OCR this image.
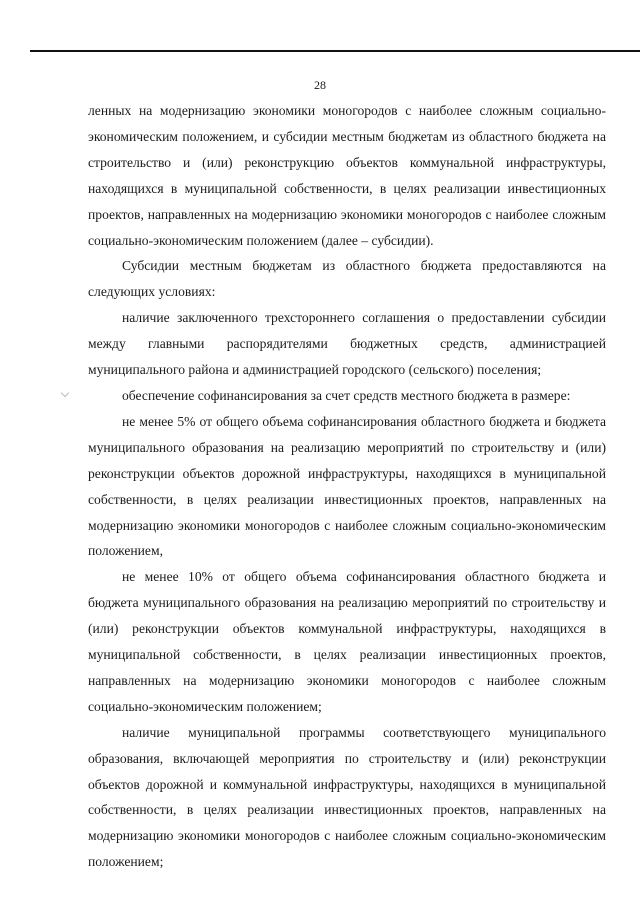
28

ленных на модернизацию экономики моногородов с наиболее сложным социально-экономическим положением, и субсидии местным бюджетам из областного бюджета на строительство и (или) реконструкцию объектов коммунальной инфраструктуры, находящихся в муниципальной собственности, в целях реализации инвестиционных проектов, направленных на модернизацию экономики моногородов с наиболее сложным социально-экономическим положением (далее – субсидии).

Субсидии местным бюджетам из областного бюджета предоставляются на следующих условиях:

наличие заключенного трехстороннего соглашения о предоставлении субсидии между главными распорядителями бюджетных средств, администрацией муниципального района и администрацией городского (сельского) поселения;

обеспечение софинансирования за счет средств местного бюджета в размере:

не менее 5% от общего объема софинансирования областного бюджета и бюджета муниципального образования на реализацию мероприятий по строительству и (или) реконструкции объектов дорожной инфраструктуры, находящихся в муниципальной собственности, в целях реализации инвестиционных проектов, направленных на модернизацию экономики моногородов с наиболее сложным социально-экономическим положением,

не менее 10% от общего объема софинансирования областного бюджета и бюджета муниципального образования на реализацию мероприятий по строительству и (или) реконструкции объектов коммунальной инфраструктуры, находящихся в муниципальной собственности, в целях реализации инвестиционных проектов, направленных на модернизацию экономики моногородов с наиболее сложным социально-экономическим положением;

наличие муниципальной программы соответствующего муниципального образования, включающей мероприятия по строительству и (или) реконструкции объектов дорожной и коммунальной инфраструктуры, находящихся в муниципальной собственности, в целях реализации инвестиционных проектов, направленных на модернизацию экономики моногородов с наиболее сложным социально-экономическим положением;
